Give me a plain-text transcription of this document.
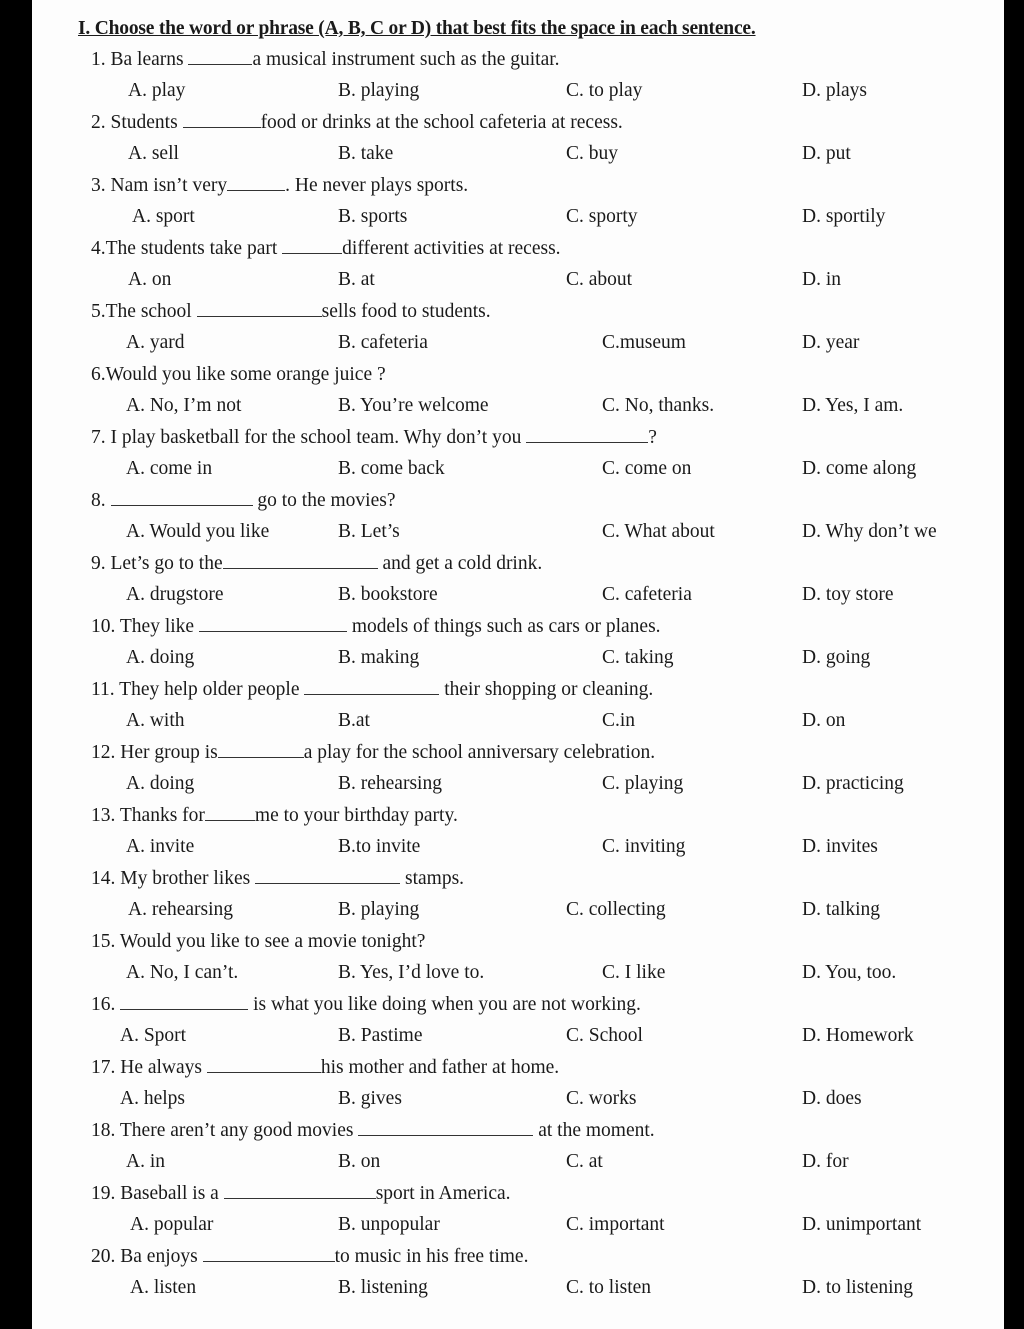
I. Choose the word or phrase (A, B, C or D) that best fits the space in each sentence.
1. Ba learns	a musical instrument such as the guitar.
A. play	B. playing	C. to play	D. plays
2. Students	food or drinks at the school cafeteria at recess.
A. sell	B. take	C. buy	D. put
3. Nam isn’t very	. He never plays sports.
A. sport	B. sports	C. sporty	D. sportily
4.The students take part	different activities at recess.
A. on	B. at	C. about	D. in
5.The school	sells food to students.
A. yard	B. cafeteria	C.museum	D. year
6.Would you like some orange juice ?
A. No, I’m not	B. You’re welcome	C. No, thanks.	D. Yes, I am.
7. I play basketball for the school team. Why don’t you	?
A. come in	B. come back	C. come on	D. come along
8.	go to the movies?
A. Would you like	B. Let’s	C. What about	D. Why don’t we
9. Let’s go to the	and get a cold drink.
A. drugstore	B. bookstore	C. cafeteria	D. toy store
10. They like	models of things such as cars or planes.
A. doing	B. making	C. taking	D. going
11. They help older people	their shopping or cleaning.
A. with	B.at	C.in	D. on
12. Her group is	a play for the school anniversary celebration.
A. doing	B. rehearsing	C. playing	D. practicing
13. Thanks for	me to your birthday party.
A. invite	B.to invite	C. inviting	D. invites
14. My brother likes	stamps.
A. rehearsing	B. playing	C. collecting	D. talking
15. Would you like to see a movie tonight?
A. No, I can’t.	B. Yes, I’d love to.	C. I like	D. You, too.
16.	is what you like doing when you are not working.
A. Sport	B. Pastime	C. School	D. Homework
17. He always	his mother and father at home.
A. helps	B. gives	C. works	D. does
18. There aren’t any good movies	at the moment.
A. in	B. on	C. at	D. for
19. Baseball is a	sport in America.
A. popular	B. unpopular	C. important	D. unimportant
20. Ba enjoys	to music in his free time.
A. listen	B. listening	C. to listen	D. to listening
